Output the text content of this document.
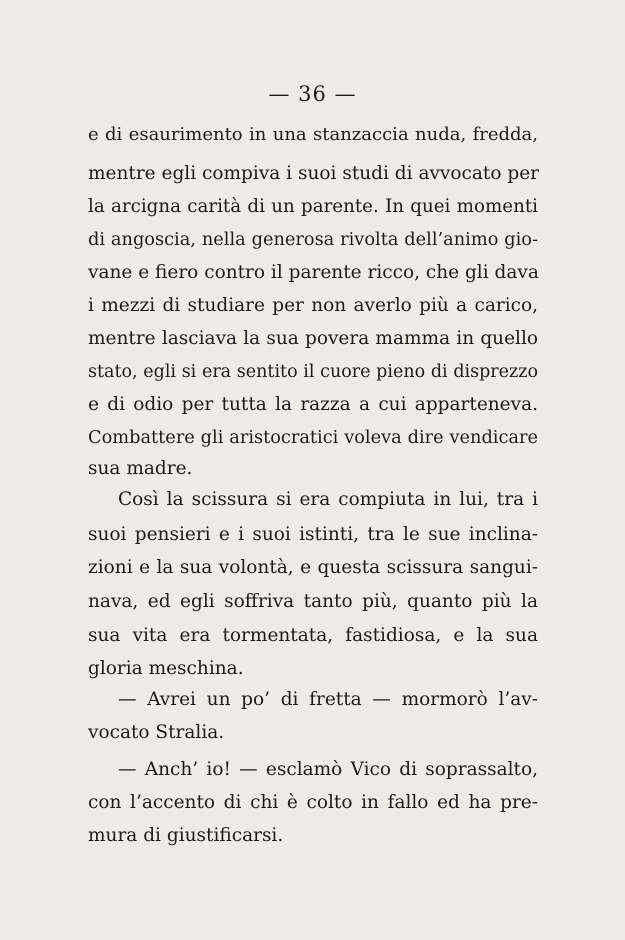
— 36 —
e di esaurimento in una stanzaccia nuda, fredda,
mentre egli compiva i suoi studi di avvocato per
la arcigna carità di un parente. In quei momenti
di angoscia, nella generosa rivolta dell’animo gio-
vane e fiero contro il parente ricco, che gli dava
i mezzi di studiare per non averlo più a carico,
mentre lasciava la sua povera mamma in quello
stato, egli si era sentito il cuore pieno di disprezzo
e di odio per tutta la razza a cui apparteneva.
Combattere gli aristocratici voleva dire vendicare
sua madre.
Così la scissura si era compiuta in lui, tra i
suoi pensieri e i suoi istinti, tra le sue inclina-
zioni e la sua volontà, e questa scissura sangui-
nava, ed egli soffriva tanto più, quanto più la
sua vita era tormentata, fastidiosa, e la sua
gloria meschina.
— Avrei un po’ di fretta — mormorò l’av-
vocato Stralia.
— Anch’ io! — esclamò Vico di soprassalto,
con l’accento di chi è colto in fallo ed ha pre-
mura di giustificarsi.
